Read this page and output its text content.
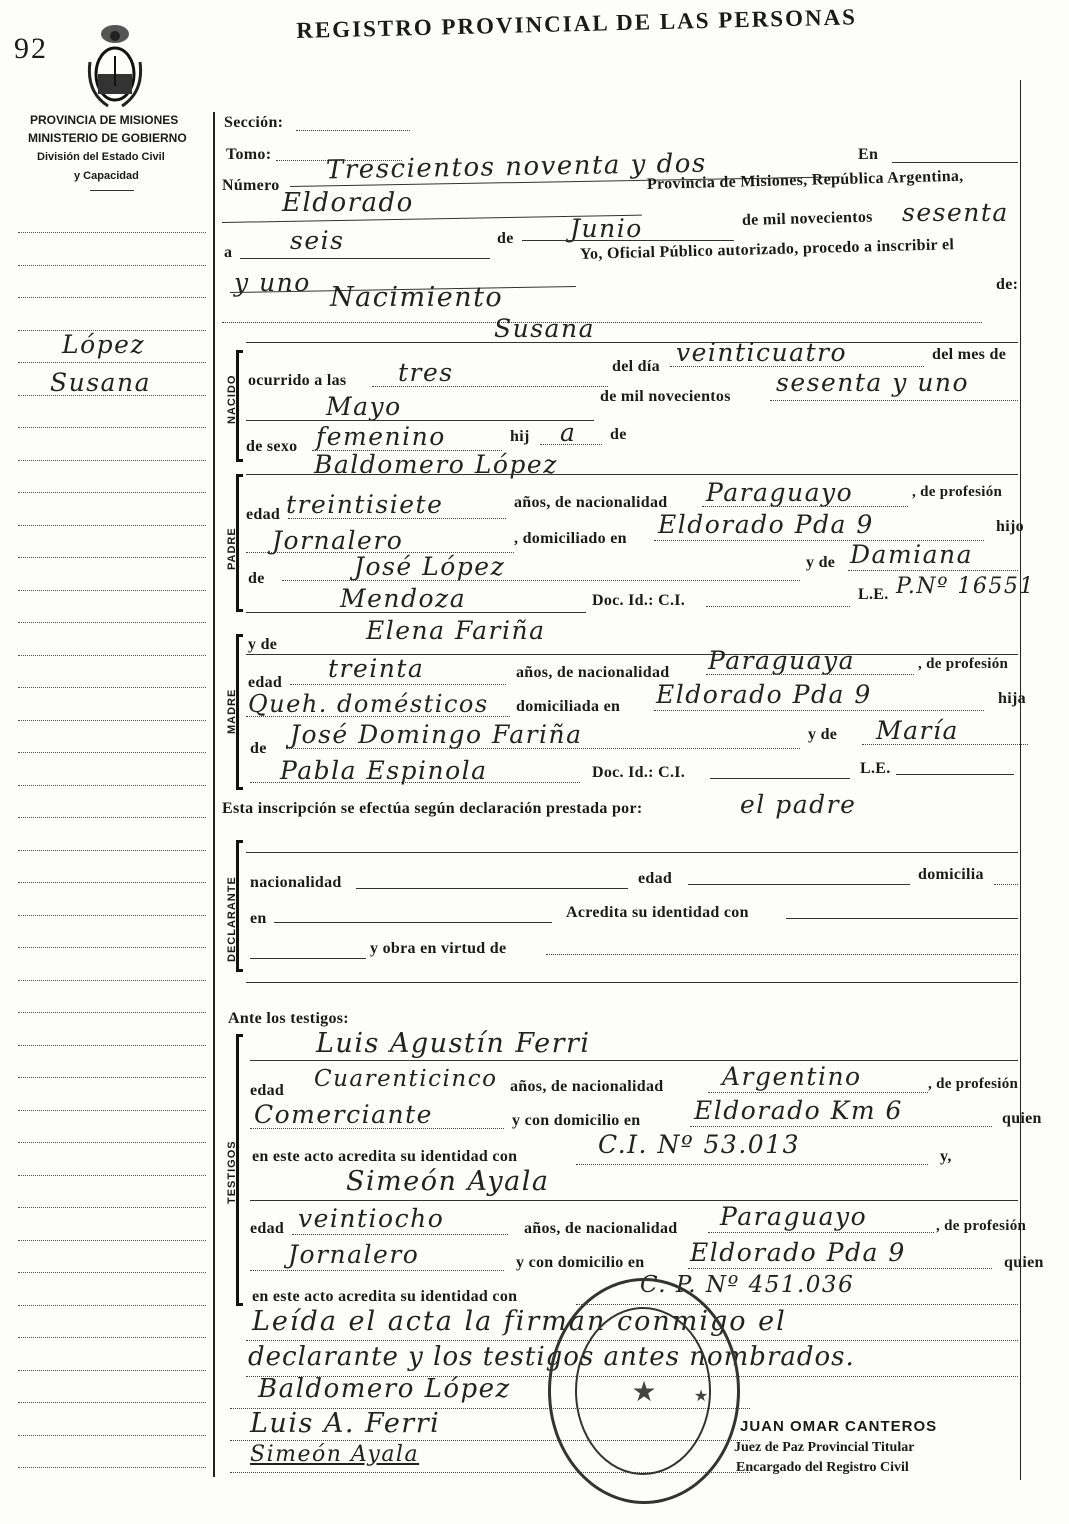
92
REGISTRO PROVINCIAL DE LAS PERSONAS
PROVINCIA DE MISIONES
MINISTERIO DE GOBIERNO
División del Estado Civil
y Capacidad
López
Susana
Sección:
Tomo:
Número
Trescientos noventa y dos	En
Eldorado
Provincia de Misiones, República Argentina,
a seis	de Junio	de mil novecientos sesenta
y uno
Yo, Oficial Público autorizado, procedo a inscribir el
Nacimiento	de:
NACIDO
Susana
ocurrido a las tres	del día veinticuatro	del mes de
Mayo	de mil novecientos sesenta y uno
de sexo femenino	hij a de
PADRE
Baldomero López
edad treintisiete	años, de nacionalidad Paraguayo	, de profesión
Jornalero	, domiciliado en Eldorado Pda 9	hijo
de	José López	y de Damiana
Mendoza	Doc. Id.: C.I.	L.E. P.Nº 16551
MADRE
y de	Elena Fariña
edad treinta	años, de nacionalidad Paraguaya	, de profesión
Queh. domésticos domiciliada en Eldorado Pda 9	hija
de José Domingo Fariña	y de María
Pabla Espinola	Doc. Id.: C.I.	L.E.
Esta inscripción se efectúa según declaración prestada por:	el padre
DECLARANTE nacionalidad	edad	domicilia
en	Acredita su identidad con
y obra en virtud de
Ante los testigos:
TESTIGOS
Luis Agustín Ferri
edad Cuarenticinco años, de nacionalidad Argentino	, de profesión
Comerciante	y con domicilio en Eldorado Km 6	quien
en este acto acredita su identidad con	C.I. Nº 53.013	y,
Simeón Ayala
edad veintiocho	años, de nacionalidad Paraguayo	, de profesión
Jornalero	y con domicilio en Eldorado Pda 9	quien
en este acto acredita su identidad con	C. P. Nº 451.036
Leída el acta la firman conmigo el
declarante y los testigos antes nombrados.
Baldomero López
Luis A. Ferri
Simeón Ayala
★ ★
JUAN OMAR CANTEROS
Juez de Paz Provincial Titular
Encargado del Registro Civil
